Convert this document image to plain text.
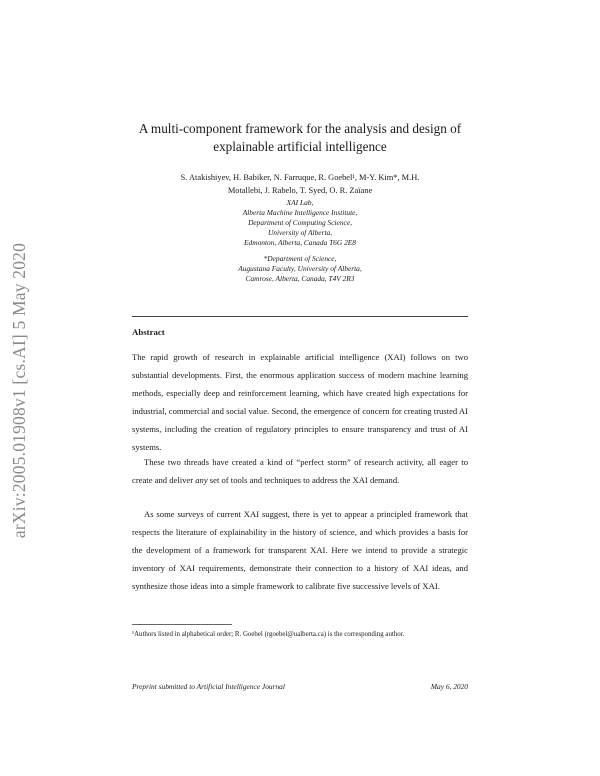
arXiv:2005.01908v1 [cs.AI] 5 May 2020
A multi-component framework for the analysis and design of explainable artificial intelligence
S. Atakishiyev, H. Babiker, N. Farruque, R. Goebel¹, M-Y. Kim*, M.H.
Motallebi, J. Rabelo, T. Syed, O. R. Zaïane
XAI Lab,
Alberta Machine Intelligence Institute,
Department of Computing Science,
University of Alberta,
Edmonton, Alberta, Canada T6G 2E8
*Department of Science,
Augustana Faculty, University of Alberta,
Camrose, Alberta, Canada, T4V 2R3
Abstract
The rapid growth of research in explainable artificial intelligence (XAI) follows on two substantial developments. First, the enormous application success of modern machine learning methods, especially deep and reinforcement learning, which have created high expectations for industrial, commercial and social value. Second, the emergence of concern for creating trusted AI systems, including the creation of regulatory principles to ensure transparency and trust of AI systems.
These two threads have created a kind of “perfect storm” of research activity, all eager to create and deliver any set of tools and techniques to address the XAI demand.
As some surveys of current XAI suggest, there is yet to appear a principled framework that respects the literature of explainability in the history of science, and which provides a basis for the development of a framework for transparent XAI. Here we intend to provide a strategic inventory of XAI requirements, demonstrate their connection to a history of XAI ideas, and synthesize those ideas into a simple framework to calibrate five successive levels of XAI.
¹Authors listed in alphabetical order; R. Goebel (rgoebel@ualberta.ca) is the corresponding author.
Preprint submitted to Artificial Intelligence Journal	May 6, 2020
